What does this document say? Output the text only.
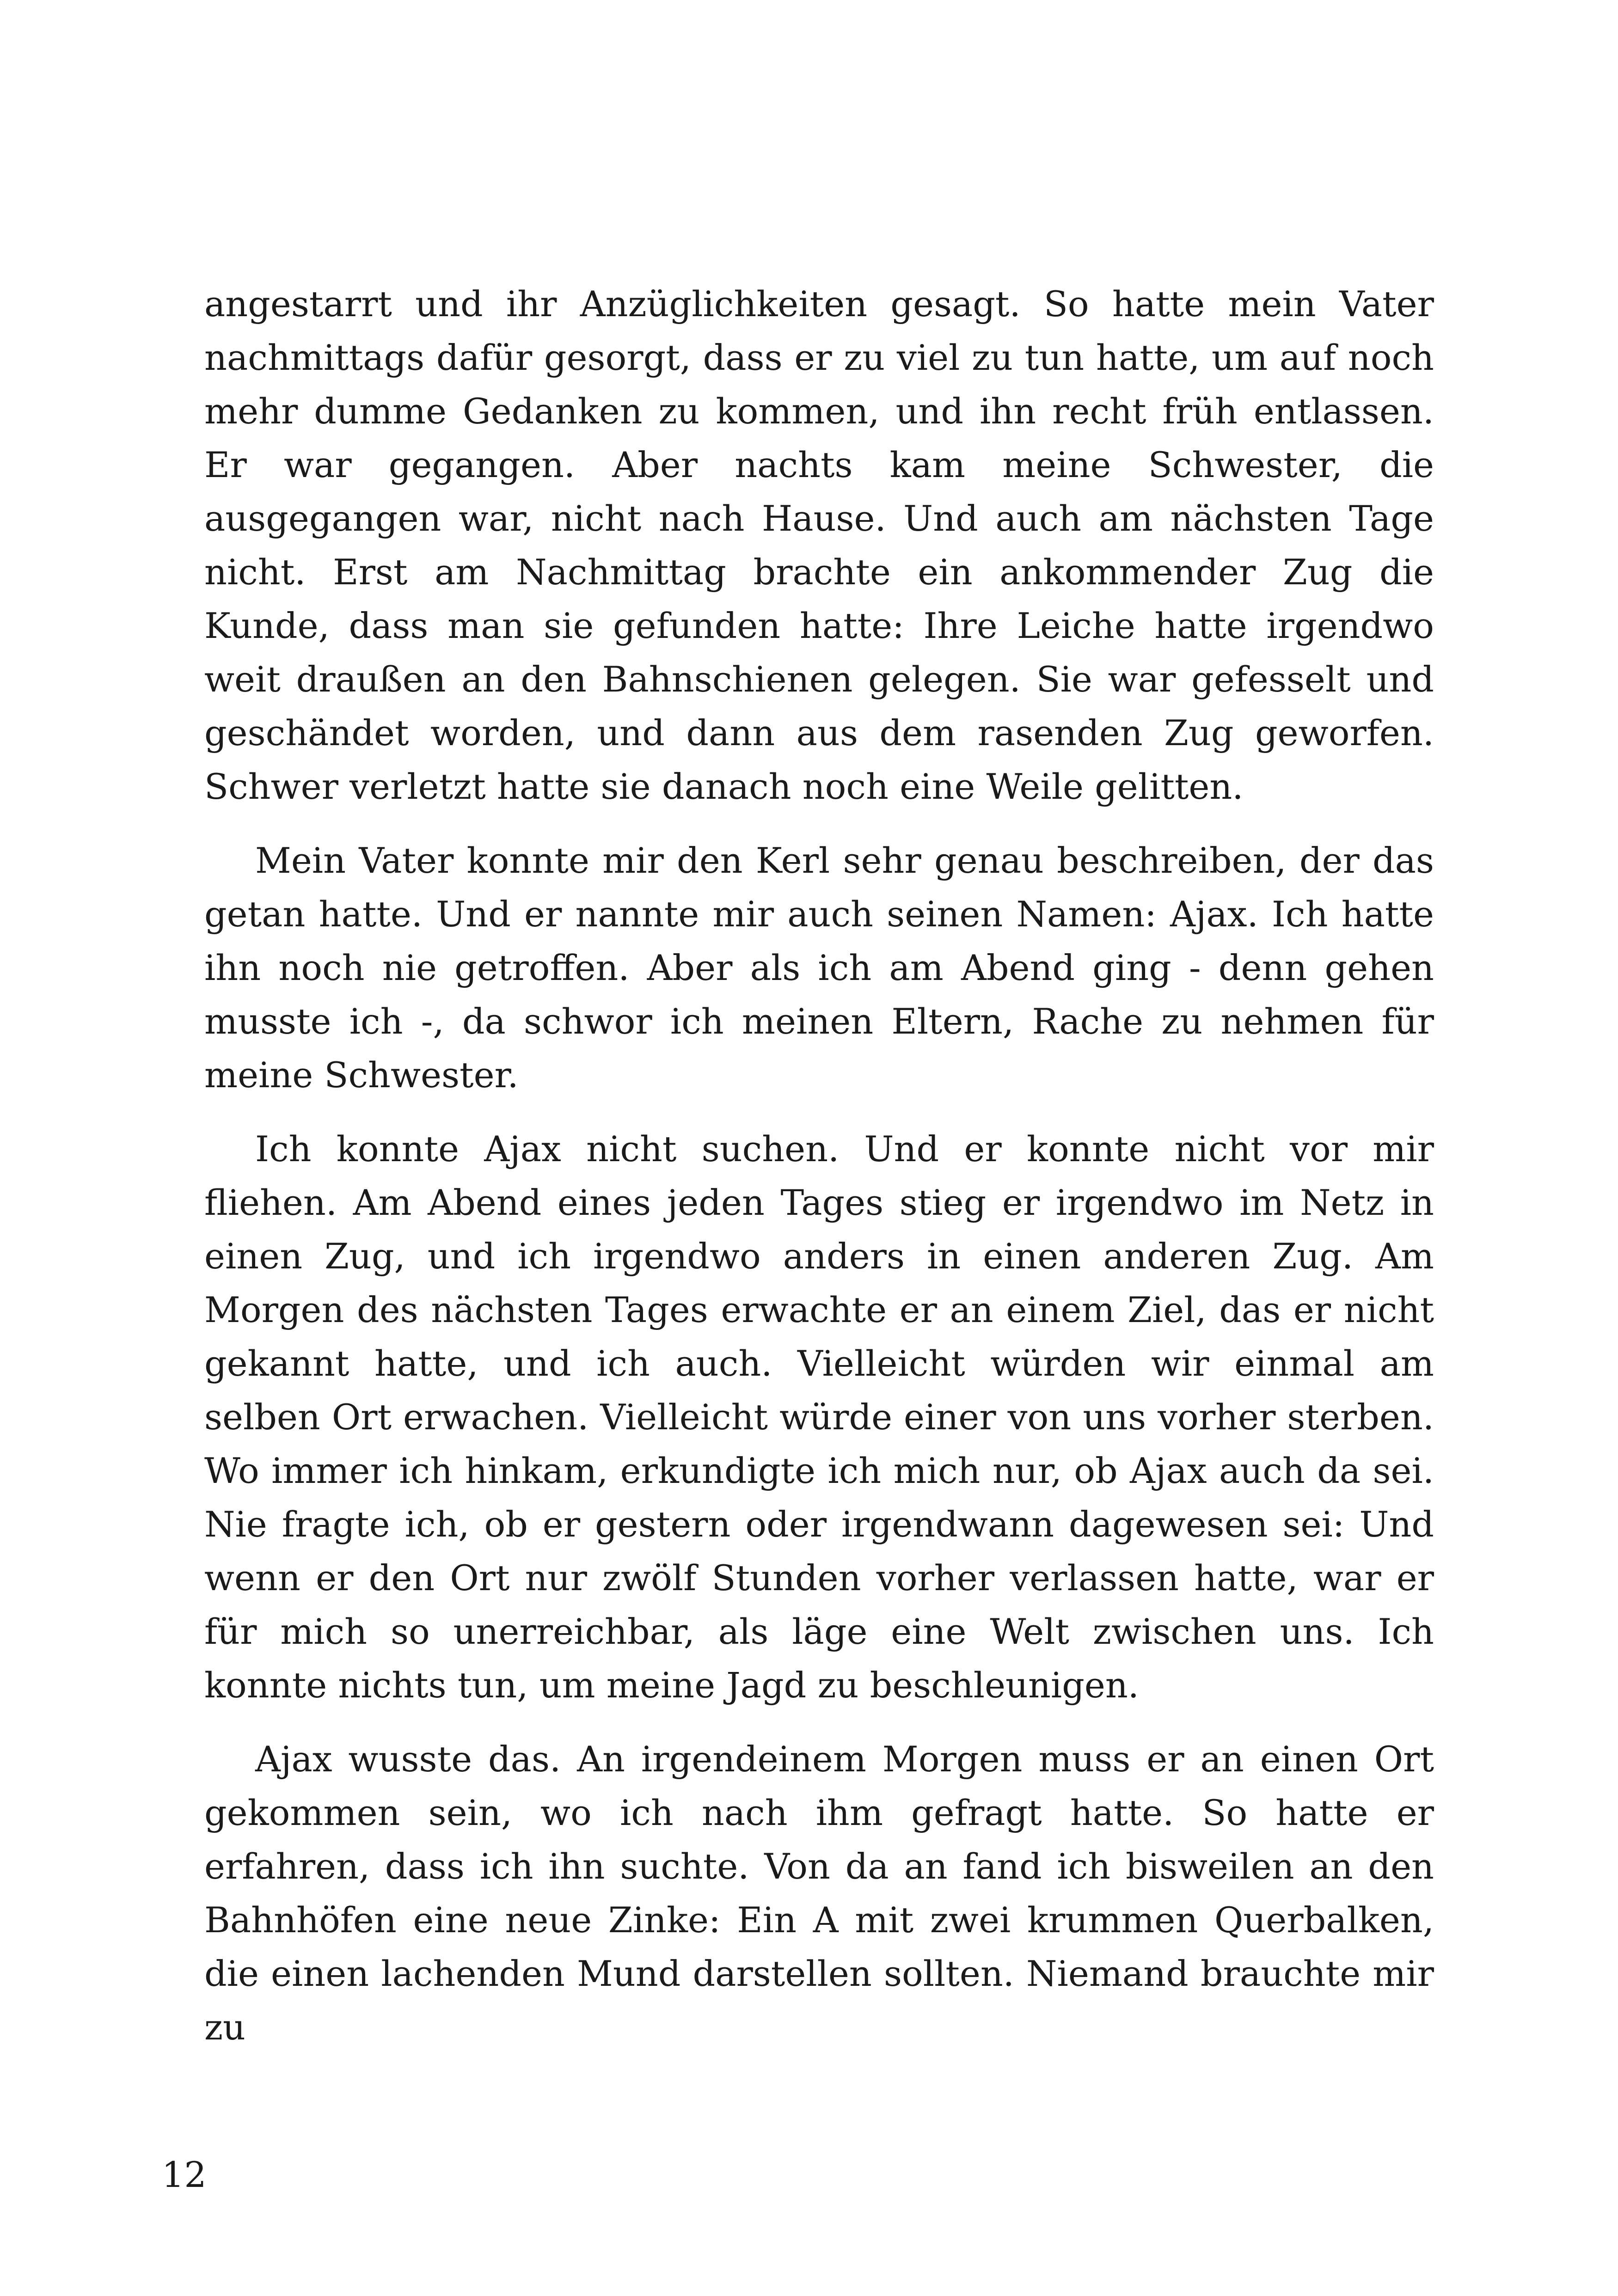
angestarrt und ihr Anzüglichkeiten gesagt. So hatte mein Vater nachmittags dafür gesorgt, dass er zu viel zu tun hatte, um auf noch mehr dumme Gedanken zu kommen, und ihn recht früh entlassen. Er war gegangen. Aber nachts kam meine Schwester, die ausgegangen war, nicht nach Hause. Und auch am nächsten Tage nicht. Erst am Nachmittag brachte ein ankommender Zug die Kunde, dass man sie gefunden hatte: Ihre Leiche hatte irgendwo weit draußen an den Bahnschienen gelegen. Sie war gefesselt und geschändet worden, und dann aus dem rasenden Zug geworfen. Schwer verletzt hatte sie danach noch eine Weile gelitten.

Mein Vater konnte mir den Kerl sehr genau beschreiben, der das getan hatte. Und er nannte mir auch seinen Namen: Ajax. Ich hatte ihn noch nie getroffen. Aber als ich am Abend ging - denn gehen musste ich -, da schwor ich meinen Eltern, Rache zu nehmen für meine Schwester.

Ich konnte Ajax nicht suchen. Und er konnte nicht vor mir fliehen. Am Abend eines jeden Tages stieg er irgendwo im Netz in einen Zug, und ich irgendwo anders in einen anderen Zug. Am Morgen des nächsten Tages erwachte er an einem Ziel, das er nicht gekannt hatte, und ich auch. Vielleicht würden wir einmal am selben Ort erwachen. Vielleicht würde einer von uns vorher sterben. Wo immer ich hinkam, erkundigte ich mich nur, ob Ajax auch da sei. Nie fragte ich, ob er gestern oder irgendwann dagewesen sei: Und wenn er den Ort nur zwölf Stunden vorher verlassen hatte, war er für mich so unerreichbar, als läge eine Welt zwischen uns. Ich konnte nichts tun, um meine Jagd zu beschleunigen.

Ajax wusste das. An irgendeinem Morgen muss er an einen Ort gekommen sein, wo ich nach ihm gefragt hatte. So hatte er erfahren, dass ich ihn suchte. Von da an fand ich bisweilen an den Bahnhöfen eine neue Zinke: Ein A mit zwei krummen Querbalken, die einen lachenden Mund darstellen sollten. Niemand brauchte mir zu

12
